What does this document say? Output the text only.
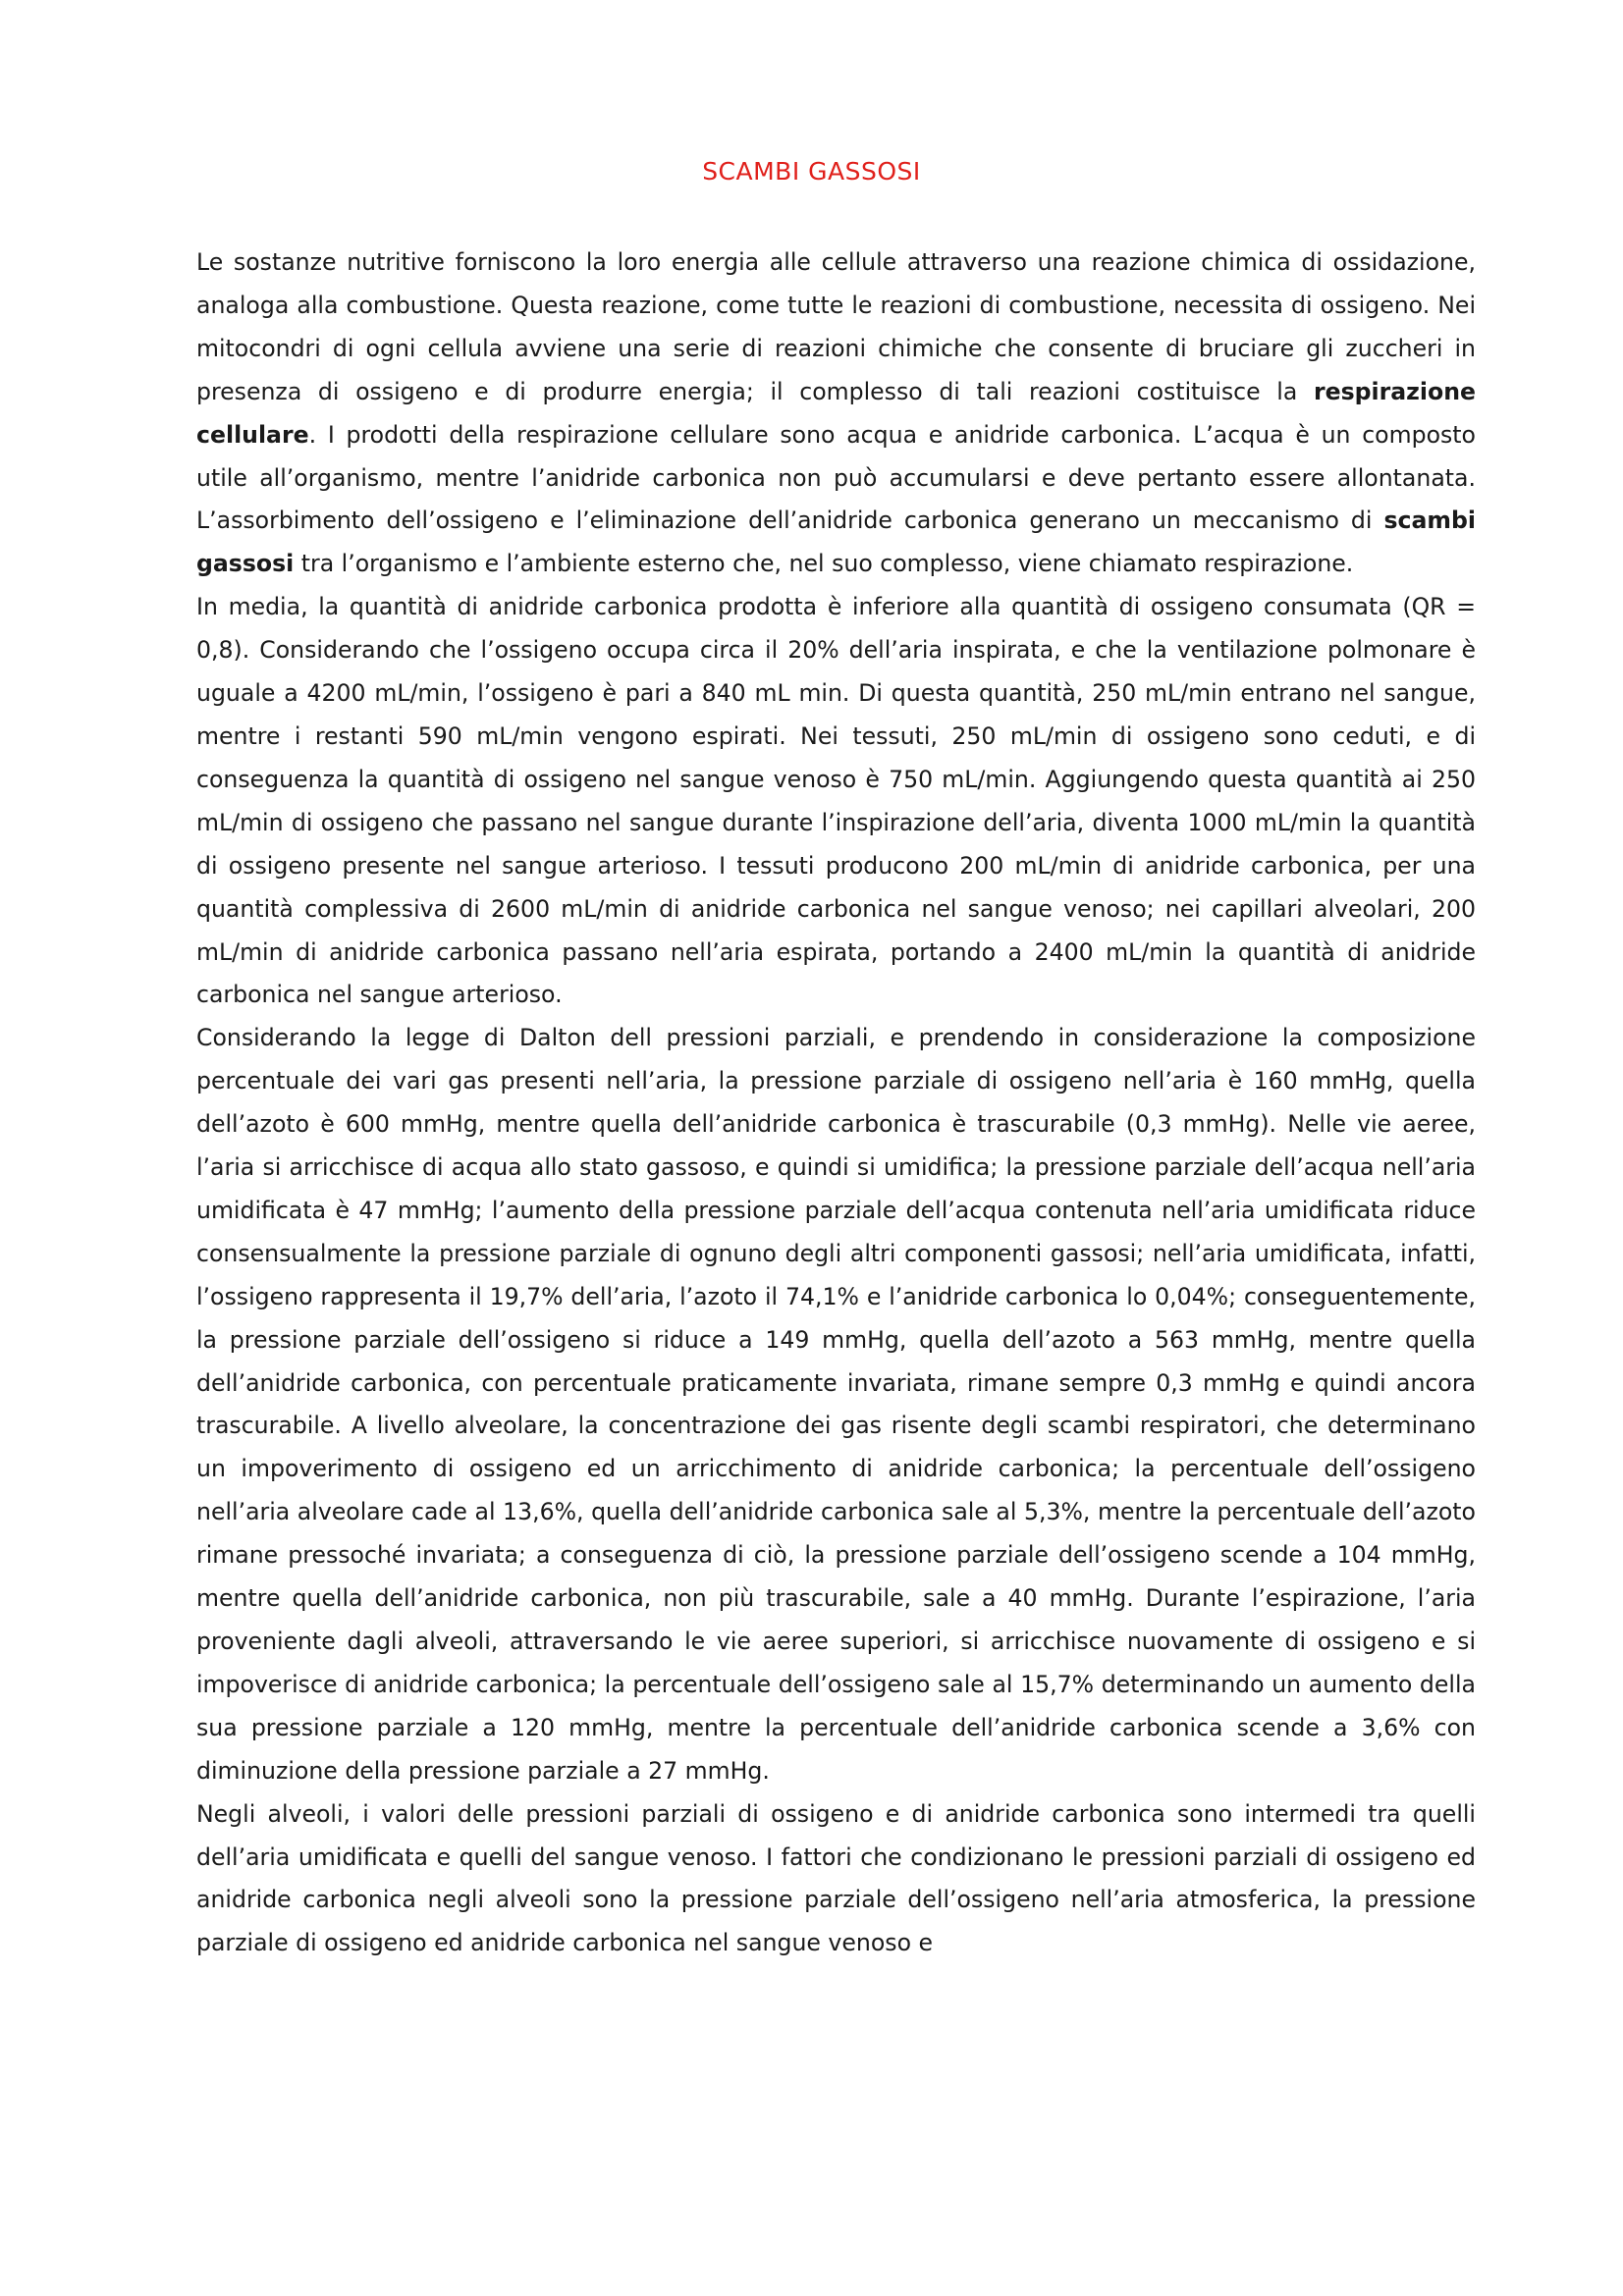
SCAMBI GASSOSI

Le sostanze nutritive forniscono la loro energia alle cellule attraverso una reazione chimica di ossidazione, analoga alla combustione. Questa reazione, come tutte le reazioni di combustione, necessita di ossigeno. Nei mitocondri di ogni cellula avviene una serie di reazioni chimiche che consente di bruciare gli zuccheri in presenza di ossigeno e di produrre energia; il complesso di tali reazioni costituisce la respirazione cellulare. I prodotti della respirazione cellulare sono acqua e anidride carbonica. L’acqua è un composto utile all’organismo, mentre l’anidride carbonica non può accumularsi e deve pertanto essere allontanata. L’assorbimento dell’ossigeno e l’eliminazione dell’anidride carbonica generano un meccanismo di scambi gassosi tra l’organismo e l’ambiente esterno che, nel suo complesso, viene chiamato respirazione.

In media, la quantità di anidride carbonica prodotta è inferiore alla quantità di ossigeno consumata (QR = 0,8). Considerando che l’ossigeno occupa circa il 20% dell’aria inspirata, e che la ventilazione polmonare è uguale a 4200 mL/min, l’ossigeno è pari a 840 mL min. Di questa quantità, 250 mL/min entrano nel sangue, mentre i restanti 590 mL/min vengono espirati. Nei tessuti, 250 mL/min di ossigeno sono ceduti, e di conseguenza la quantità di ossigeno nel sangue venoso è 750 mL/min. Aggiungendo questa quantità ai 250 mL/min di ossigeno che passano nel sangue durante l’inspirazione dell’aria, diventa 1000 mL/min la quantità di ossigeno presente nel sangue arterioso. I tessuti producono 200 mL/min di anidride carbonica, per una quantità complessiva di 2600 mL/min di anidride carbonica nel sangue venoso; nei capillari alveolari, 200 mL/min di anidride carbonica passano nell’aria espirata, portando a 2400 mL/min la quantità di anidride carbonica nel sangue arterioso.

Considerando la legge di Dalton dell pressioni parziali, e prendendo in considerazione la composizione percentuale dei vari gas presenti nell’aria, la pressione parziale di ossigeno nell’aria è 160 mmHg, quella dell’azoto è 600 mmHg, mentre quella dell’anidride carbonica è trascurabile (0,3 mmHg). Nelle vie aeree, l’aria si arricchisce di acqua allo stato gassoso, e quindi si umidifica; la pressione parziale dell’acqua nell’aria umidificata è 47 mmHg; l’aumento della pressione parziale dell’acqua contenuta nell’aria umidificata riduce consensualmente la pressione parziale di ognuno degli altri componenti gassosi; nell’aria umidificata, infatti, l’ossigeno rappresenta il 19,7% dell’aria, l’azoto il 74,1% e l’anidride carbonica lo 0,04%; conseguentemente, la pressione parziale dell’ossigeno si riduce a 149 mmHg, quella dell’azoto a 563 mmHg, mentre quella dell’anidride carbonica, con percentuale praticamente invariata, rimane sempre 0,3 mmHg e quindi ancora trascurabile. A livello alveolare, la concentrazione dei gas risente degli scambi respiratori, che determinano un impoverimento di ossigeno ed un arricchimento di anidride carbonica; la percentuale dell’ossigeno nell’aria alveolare cade al 13,6%, quella dell’anidride carbonica sale al 5,3%, mentre la percentuale dell’azoto rimane pressoché invariata; a conseguenza di ciò, la pressione parziale dell’ossigeno scende a 104 mmHg, mentre quella dell’anidride carbonica, non più trascurabile, sale a 40 mmHg. Durante l’espirazione, l’aria proveniente dagli alveoli, attraversando le vie aeree superiori, si arricchisce nuovamente di ossigeno e si impoverisce di anidride carbonica; la percentuale dell’ossigeno sale al 15,7% determinando un aumento della sua pressione parziale a 120 mmHg, mentre la percentuale dell’anidride carbonica scende a 3,6% con diminuzione della pressione parziale a 27 mmHg.

Negli alveoli, i valori delle pressioni parziali di ossigeno e di anidride carbonica sono intermedi tra quelli dell’aria umidificata e quelli del sangue venoso. I fattori che condizionano le pressioni parziali di ossigeno ed anidride carbonica negli alveoli sono la pressione parziale dell’ossigeno nell’aria atmosferica, la pressione parziale di ossigeno ed anidride carbonica nel sangue venoso e
